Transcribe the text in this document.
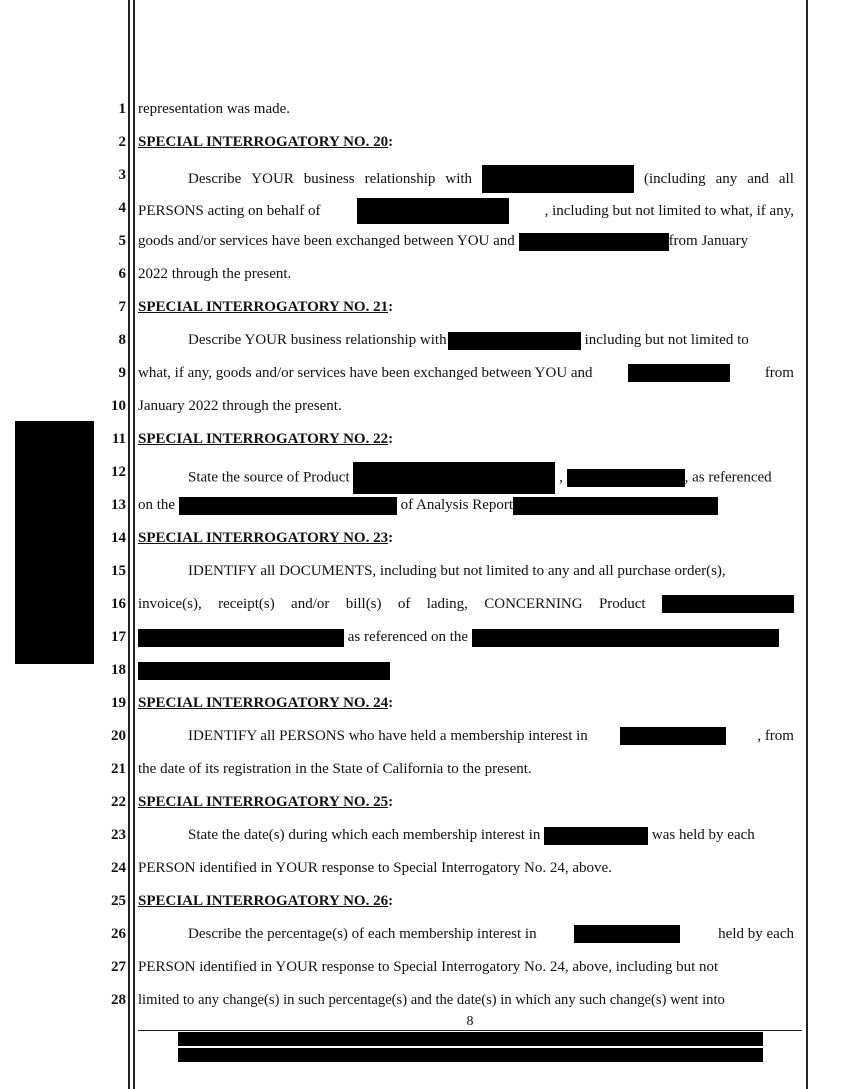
1
2
3
4
5
6
7
8
9
10
11
12
13
14
15
16
17
18
19
20
21
22
23
24
25
26
27
28
representation was made.
SPECIAL INTERROGATORY NO. 20:
Describe YOUR business relationship with	(including any and all
PERSONS acting on behalf of	, including but not limited to what, if any,
goods and/or services have been exchanged between YOU and	from January
2022 through the present.
SPECIAL INTERROGATORY NO. 21:
Describe YOUR business relationship with	including but not limited to
what, if any, goods and/or services have been exchanged between YOU and	from
January 2022 through the present.
SPECIAL INTERROGATORY NO. 22:
State the source of Product	,	, as referenced
on the	of Analysis Report
SPECIAL INTERROGATORY NO. 23:
IDENTIFY all DOCUMENTS, including but not limited to any and all purchase order(s),
invoice(s), receipt(s) and/or bill(s) of lading, CONCERNING Product
as referenced on the
SPECIAL INTERROGATORY NO. 24:
IDENTIFY all PERSONS who have held a membership interest in	, from
the date of its registration in the State of California to the present.
SPECIAL INTERROGATORY NO. 25:
State the date(s) during which each membership interest in	was held by each
PERSON identified in YOUR response to Special Interrogatory No. 24, above.
SPECIAL INTERROGATORY NO. 26:
Describe the percentage(s) of each membership interest in	held by each
PERSON identified in YOUR response to Special Interrogatory No. 24, above, including but not
limited to any change(s) in such percentage(s) and the date(s) in which any such change(s) went into
8
